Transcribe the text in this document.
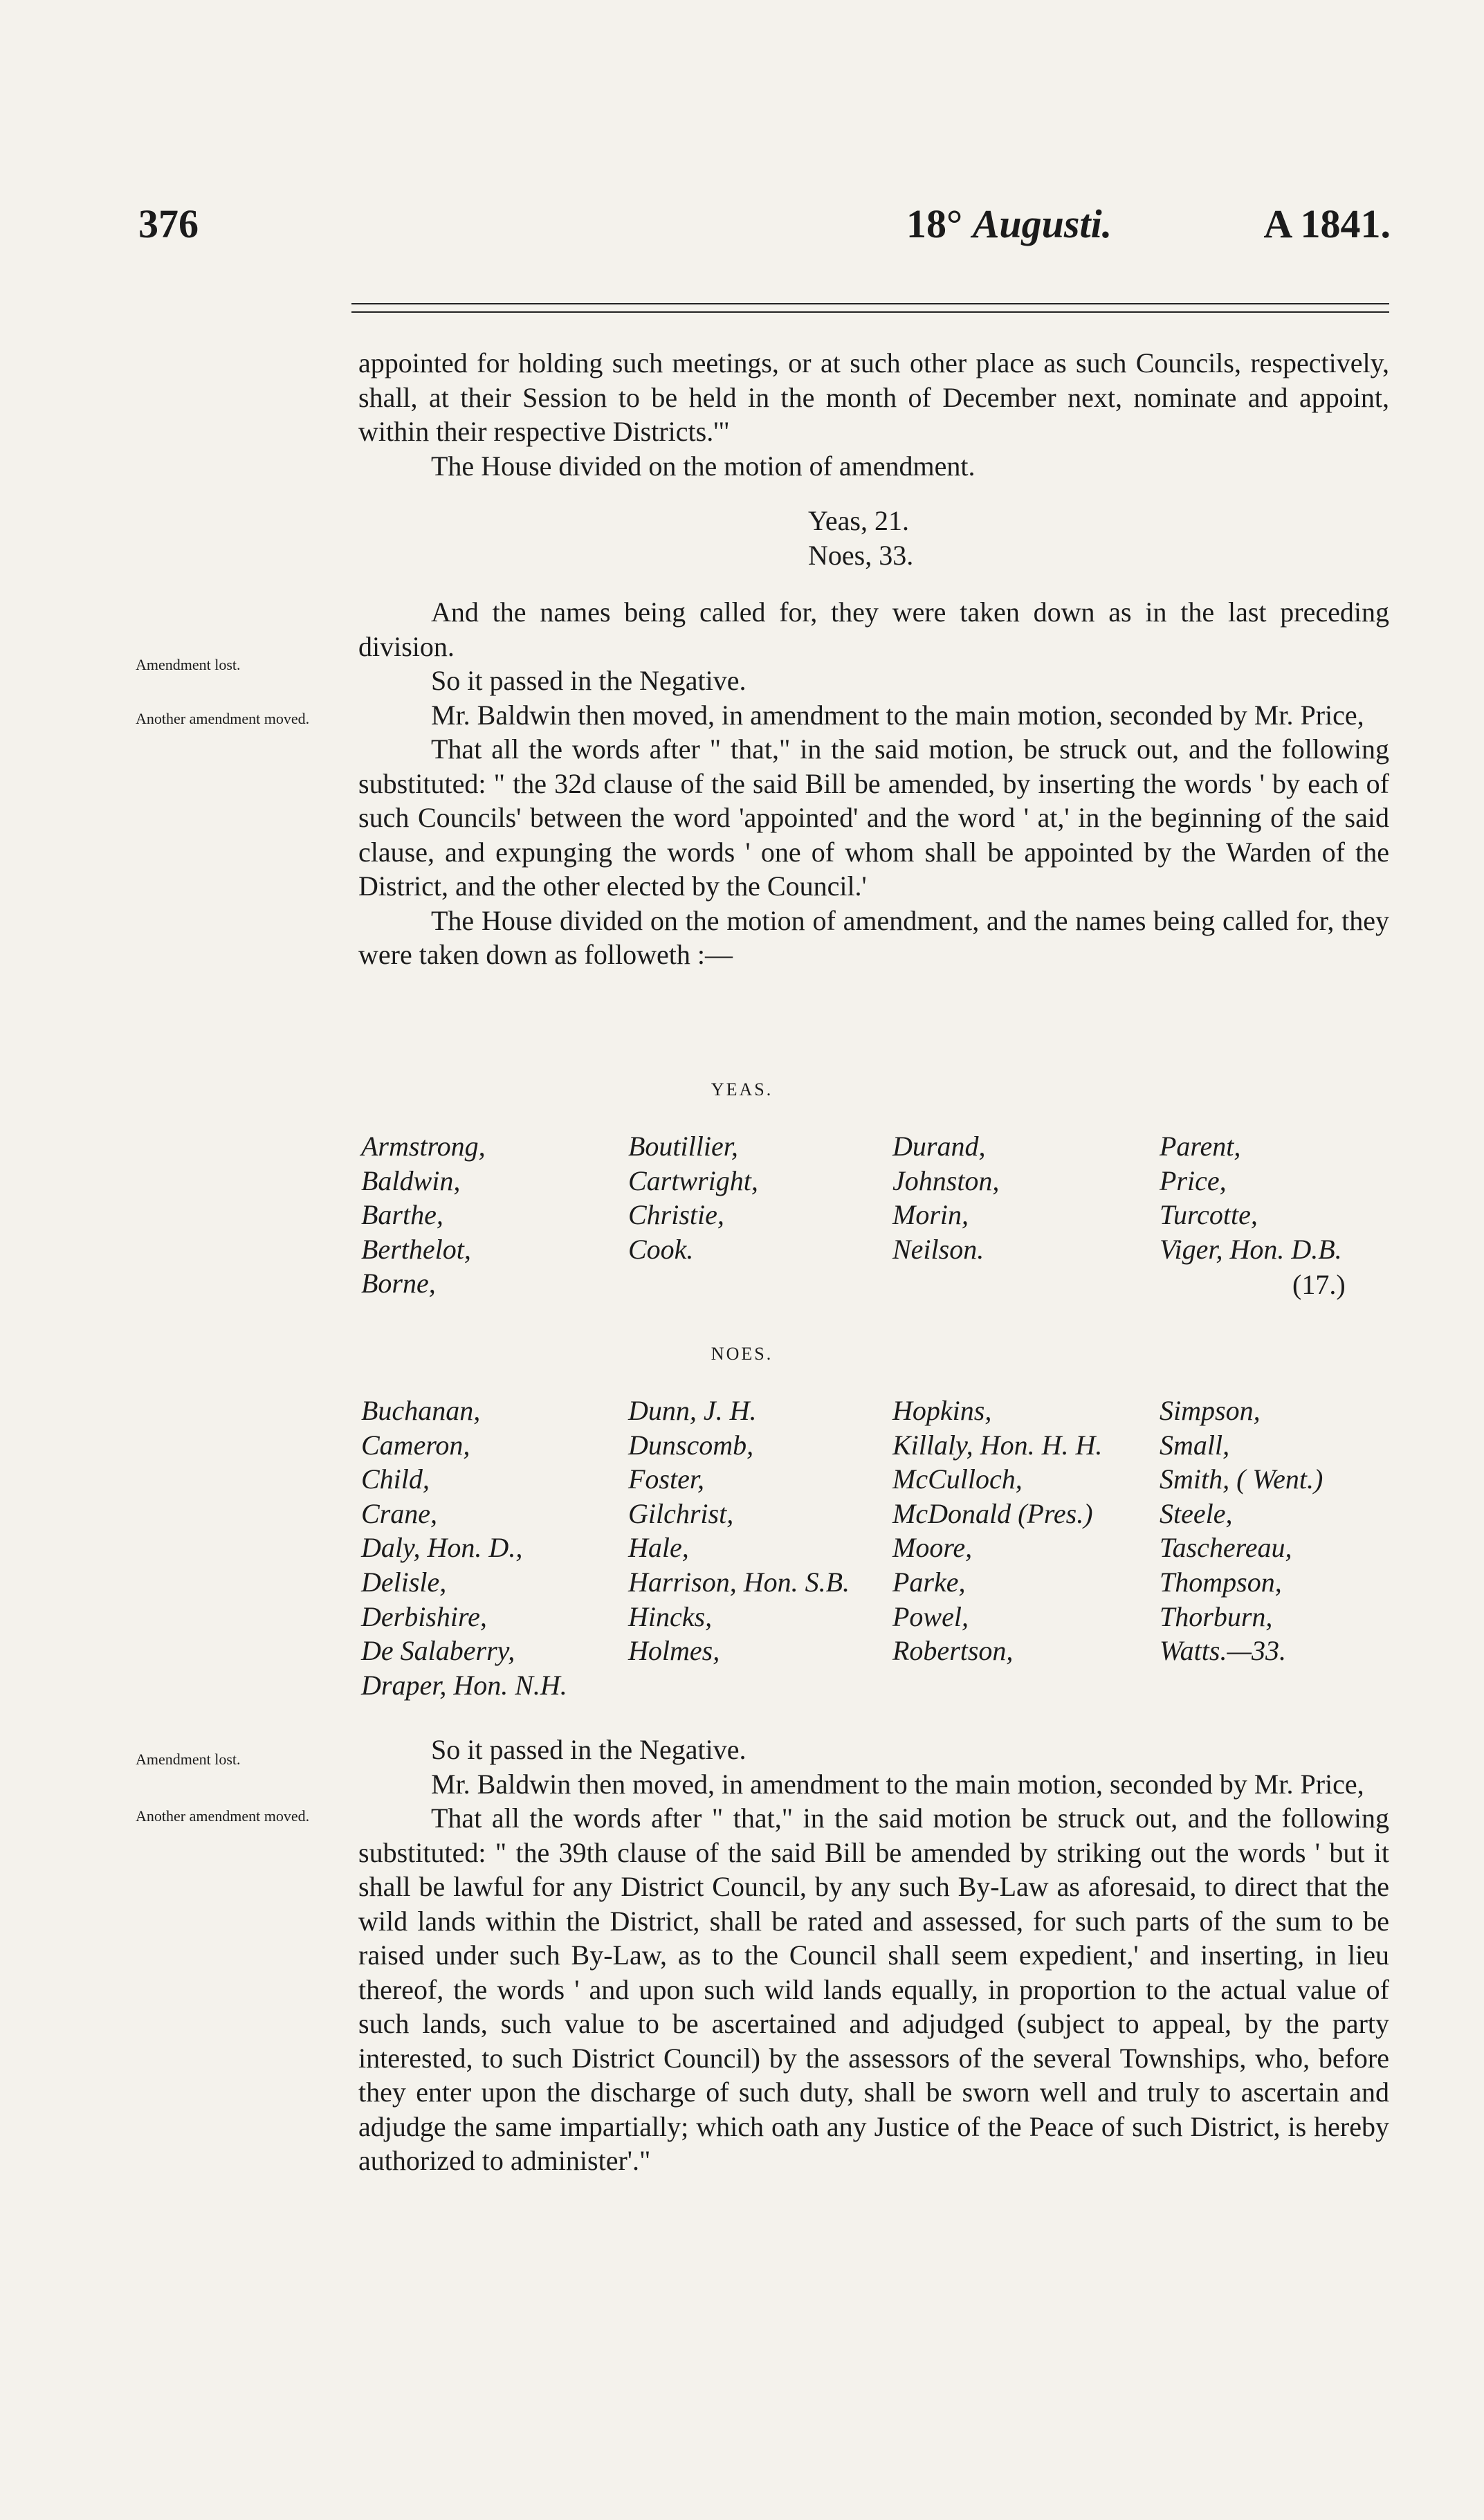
376	18° Augusti.	A 1841.

appointed for holding such meetings, or at such other place as such Councils, respectively, shall, at their Session to be held in the month of December next, nominate and appoint, within their respective Districts.'"

The House divided on the motion of amendment.

Yeas, 21.
Noes, 33.

And the names being called for, they were taken down as in the last preceding division.

So it passed in the Negative.

Mr. Baldwin then moved, in amendment to the main motion, seconded by Mr. Price,

That all the words after " that," in the said motion, be struck out, and the following substituted: " the 32d clause of the said Bill be amended, by inserting the words ' by each of such Councils' between the word 'appointed' and the word ' at,' in the beginning of the said clause, and expunging the words ' one of whom shall be appointed by the Warden of the District, and the other elected by the Council.'

The House divided on the motion of amendment, and the names being called for, they were taken down as followeth :—

Amendment lost.
Another amendment moved.
YEAS.
Armstrong,
Baldwin,
Barthe,
Berthelot,
Borne,
Boutillier,
Cartwright,
Christie,
Cook.
Durand,
Johnston,
Morin,
Neilson.
Parent,
Price,
Turcotte,
Viger, Hon. D.B.
(17.)
NOES.
Buchanan,
Cameron,
Child,
Crane,
Daly, Hon. D.,
Delisle,
Derbishire,
De Salaberry,
Draper, Hon. N.H.
Dunn, J. H.
Dunscomb,
Foster,
Gilchrist,
Hale,
Harrison, Hon. S.B.
Hincks,
Holmes,
Hopkins,
Killaly, Hon. H. H.
McCulloch,
McDonald (Pres.)
Moore,
Parke,
Powel,
Robertson,
Simpson,
Small,
Smith, ( Went.)
Steele,
Taschereau,
Thompson,
Thorburn,
Watts.—33.

So it passed in the Negative.

Mr. Baldwin then moved, in amendment to the main motion, seconded by Mr. Price,

That all the words after " that," in the said motion be struck out, and the following substituted: " the 39th clause of the said Bill be amended by striking out the words ' but it shall be lawful for any District Council, by any such By-Law as aforesaid, to direct that the wild lands within the District, shall be rated and assessed, for such parts of the sum to be raised under such By-Law, as to the Council shall seem expedient,' and inserting, in lieu thereof, the words ' and upon such wild lands equally, in proportion to the actual value of such lands, such value to be ascertained and adjudged (subject to appeal, by the party interested, to such District Council) by the assessors of the several Townships, who, before they enter upon the discharge of such duty, shall be sworn well and truly to ascertain and adjudge the same impartially; which oath any Justice of the Peace of such District, is hereby authorized to administer'."

Amendment lost.
Another amendment moved.
